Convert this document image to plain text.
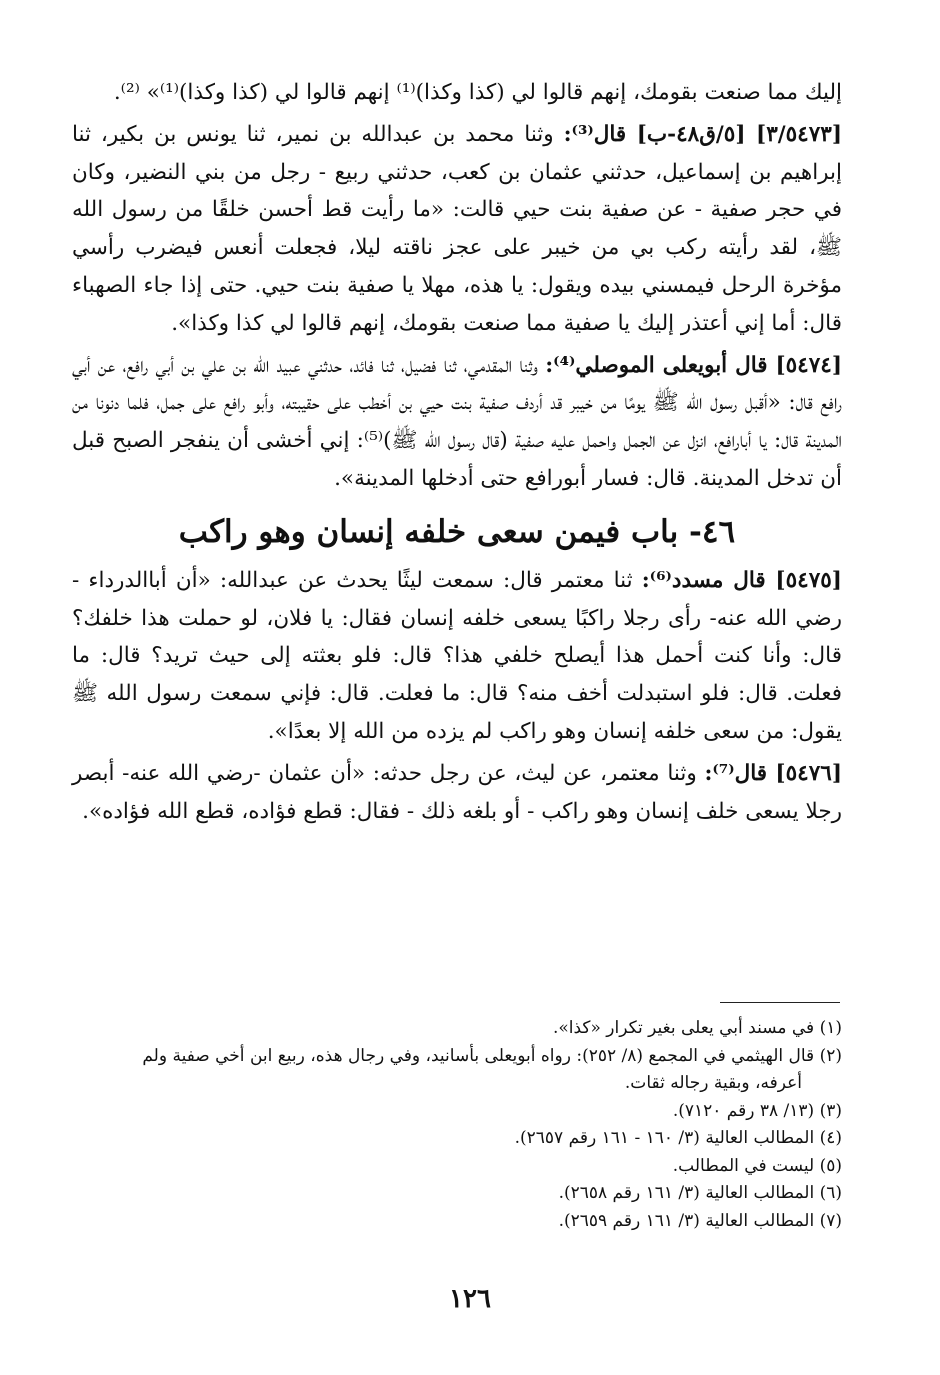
إليك مما صنعت بقومك، إنهم قالوا لي (كذا وكذا)⁽¹⁾ إنهم قالوا لي (كذا وكذا)⁽¹⁾» ⁽²⁾.

[٣/٥٤٧٣] [٥/ق٤٨-ب] قال⁽³⁾: وثنا محمد بن عبدالله بن نمير، ثنا يونس بن بكير، ثنا إبراهيم بن إسماعيل، حدثني عثمان بن كعب، حدثني ربيع - رجل من بني النضير، وكان في حجر صفية - عن صفية بنت حيي قالت: «ما رأيت قط أحسن خلقًا من رسول الله ﷺ، لقد رأيته ركب بي من خيبر على عجز ناقته ليلا، فجعلت أنعس فيضرب رأسي مؤخرة الرحل فيمسني بيده ويقول: يا هذه، مهلا يا صفية بنت حيي. حتى إذا جاء الصهباء قال: أما إني أعتذر إليك يا صفية مما صنعت بقومك، إنهم قالوا لي كذا وكذا».

[٥٤٧٤] قال أبويعلى الموصلي⁽⁴⁾: وثنا المقدمي، ثنا فضيل، ثنا فائد، حدثني عبيد الله بن علي بن أبي رافع، عن أبي رافع قال: «أقبل رسول الله ﷺ يومًا من خيبر قد أردف صفية بنت حيي بن أخطب على حقيبته، وأبو رافع على جمل، فلما دنونا من المدينة قال: يا أبارافع، انزل عن الجمل واحمل عليه صفية (قال رسول الله ﷺ)⁽⁵⁾: إني أخشى أن ينفجر الصبح قبل أن تدخل المدينة. قال: فسار أبورافع حتى أدخلها المدينة».

٤٦- باب فيمن سعى خلفه إنسان وهو راكب

[٥٤٧٥] قال مسدد⁽⁶⁾: ثنا معتمر قال: سمعت ليثًا يحدث عن عبدالله: «أن أباالدرداء - رضي الله عنه- رأى رجلا راكبًا يسعى خلفه إنسان فقال: يا فلان، لو حملت هذا خلفك؟ قال: وأنا كنت أحمل هذا أيصلح خلفي هذا؟ قال: فلو بعثته إلى حيث تريد؟ قال: ما فعلت. قال: فلو استبدلت أخف منه؟ قال: ما فعلت. قال: فإني سمعت رسول الله ﷺ يقول: من سعى خلفه إنسان وهو راكب لم يزده من الله إلا بعدًا».

[٥٤٧٦] قال⁽⁷⁾: وثنا معتمر، عن ليث، عن رجل حدثه: «أن عثمان -رضي الله عنه- أبصر رجلا يسعى خلف إنسان وهو راكب - أو بلغه ذلك - فقال: قطع فؤاده، قطع الله فؤاده».

(١) في مسند أبي يعلى بغير تكرار «كذا».

(٢) قال الهيثمي في المجمع (٨/ ٢٥٢): رواه أبويعلى بأسانيد، وفي رجال هذه، ربيع ابن أخي صفية ولم

أعرفه، وبقية رجاله ثقات.

(٣) (١٣/ ٣٨ رقم ٧١٢٠).

(٤) المطالب العالية (٣/ ١٦٠ - ١٦١ رقم ٢٦٥٧).

(٥) ليست في المطالب.

(٦) المطالب العالية (٣/ ١٦١ رقم ٢٦٥٨).

(٧) المطالب العالية (٣/ ١٦١ رقم ٢٦٥٩).

١٢٦
